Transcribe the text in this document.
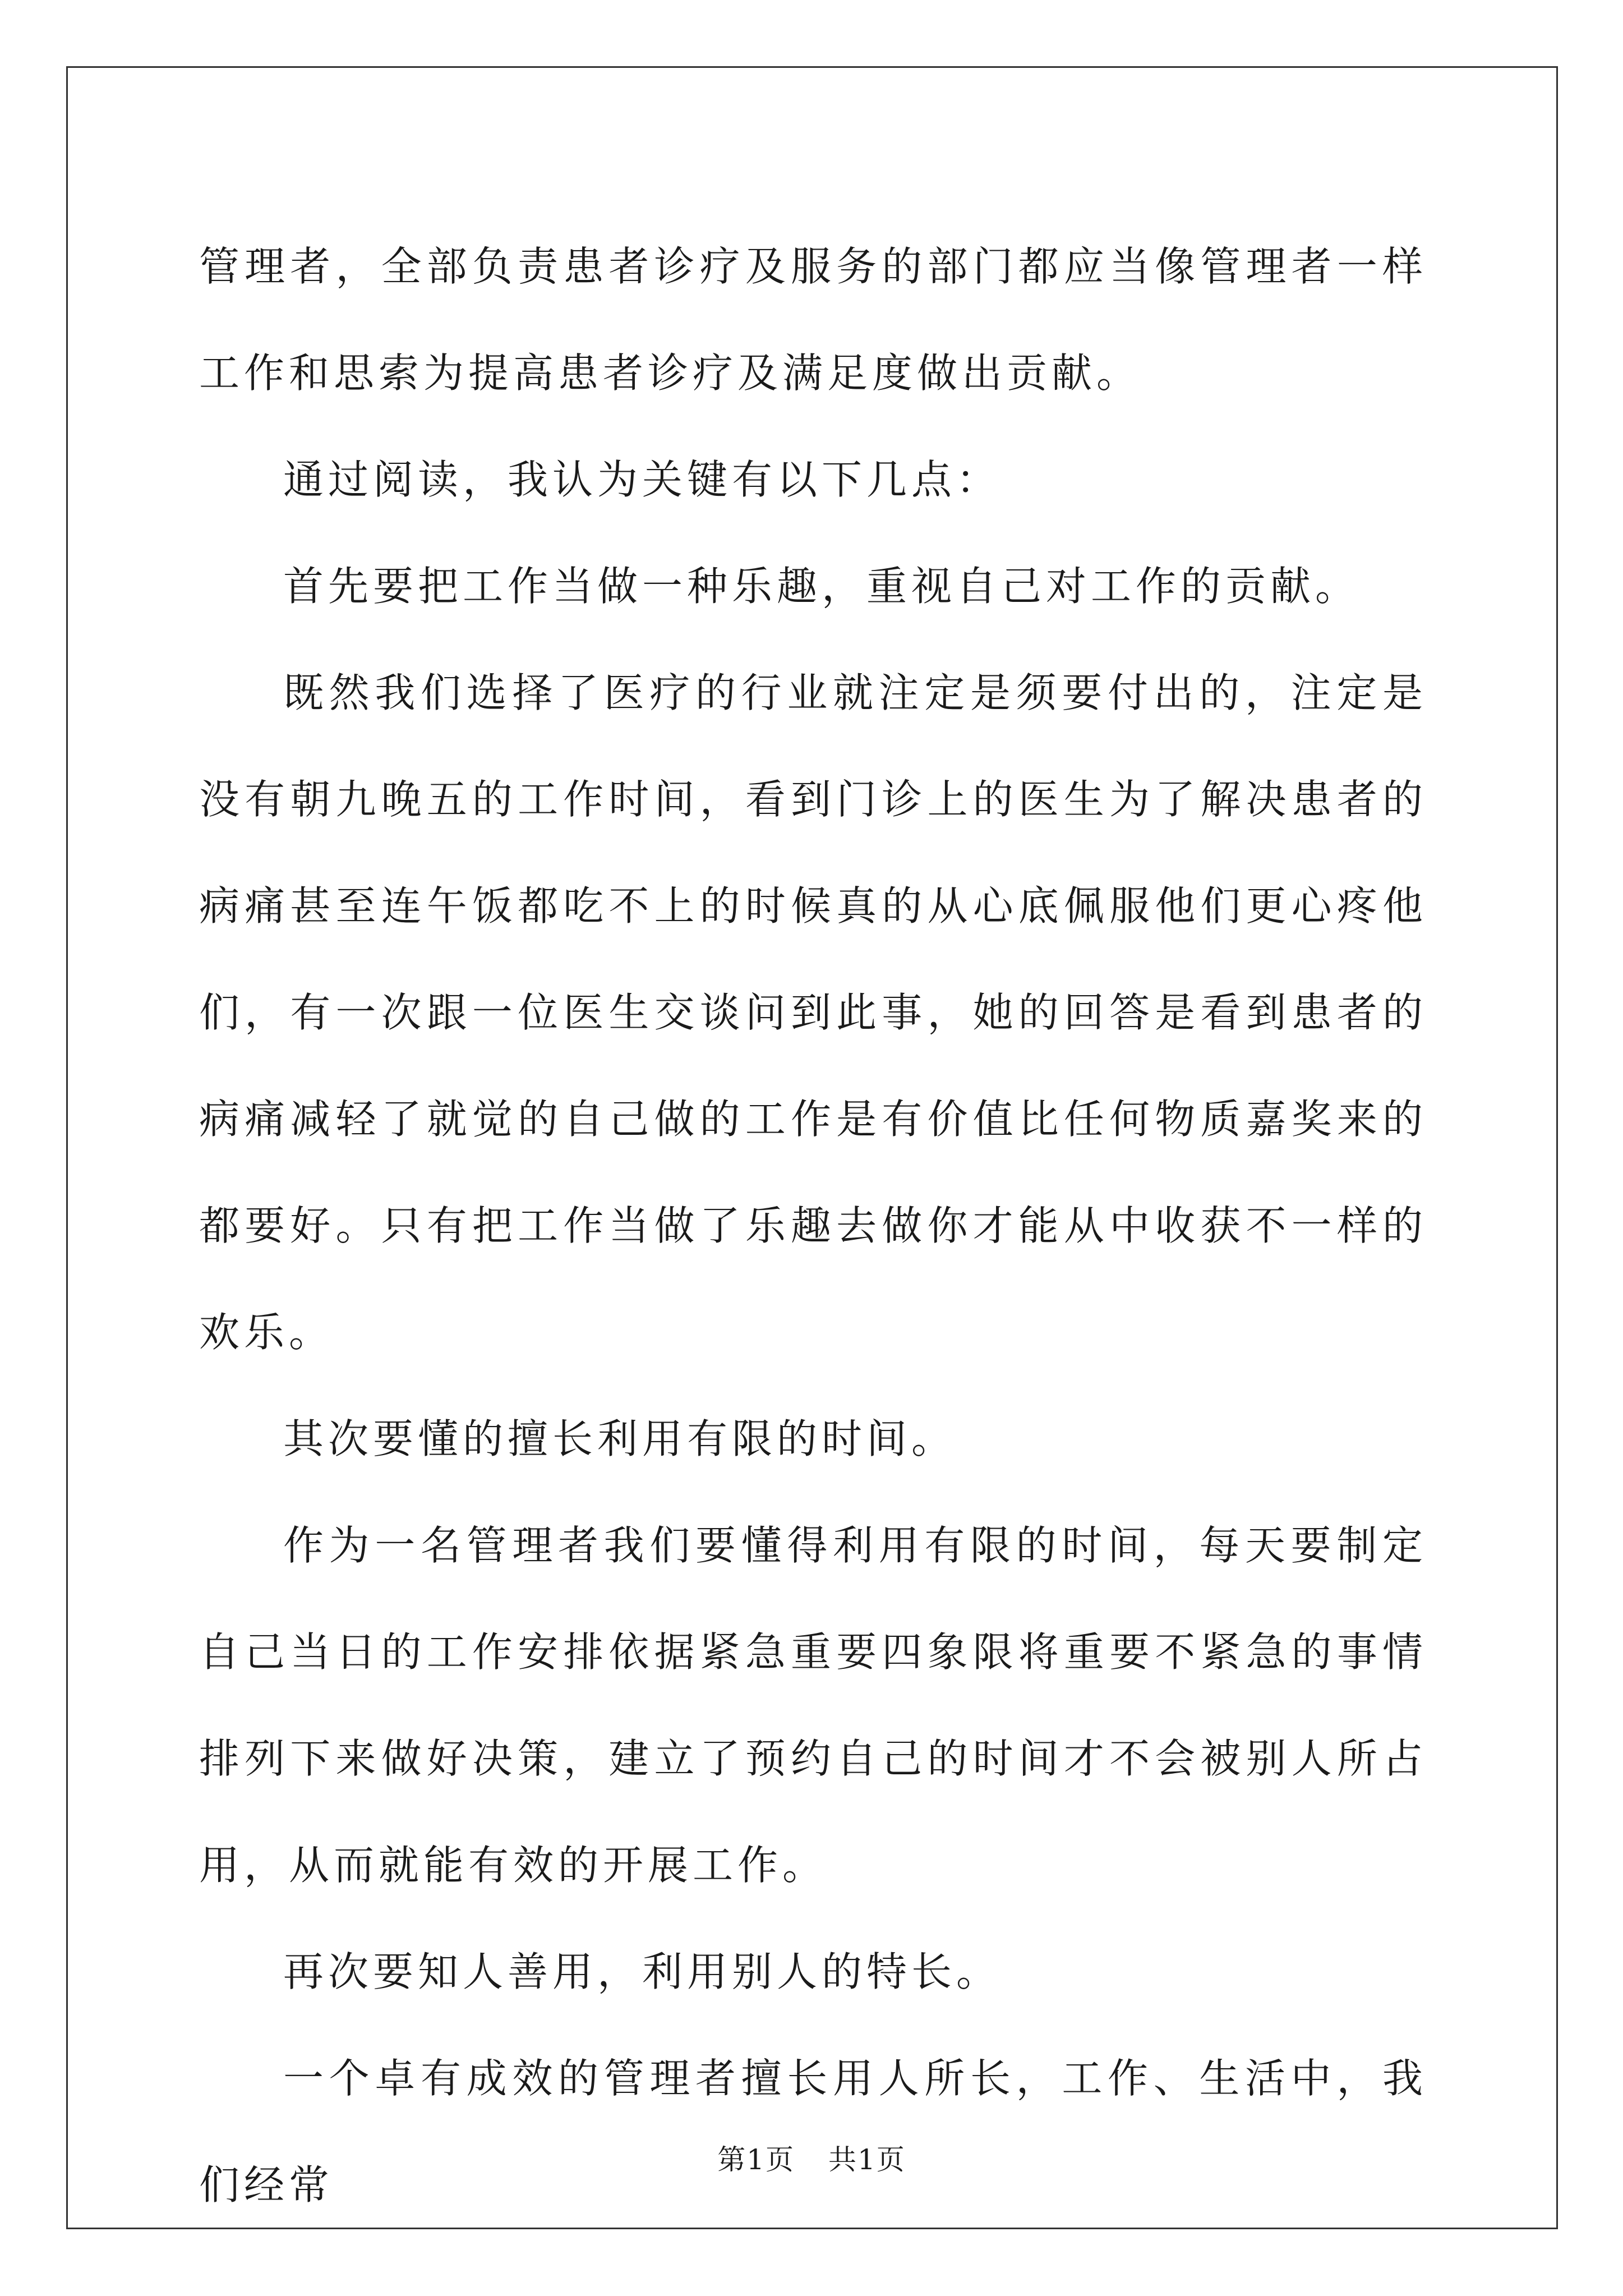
管理者，全部负责患者诊疗及服务的部门都应当像管理者一样工作和思索为提高患者诊疗及满足度做出贡献。

通过阅读，我认为关键有以下几点：

首先要把工作当做一种乐趣，重视自己对工作的贡献。

既然我们选择了医疗的行业就注定是须要付出的，注定是没有朝九晚五的工作时间，看到门诊上的医生为了解决患者的病痛甚至连午饭都吃不上的时候真的从心底佩服他们更心疼他们，有一次跟一位医生交谈问到此事，她的回答是看到患者的病痛减轻了就觉的自己做的工作是有价值比任何物质嘉奖来的都要好。只有把工作当做了乐趣去做你才能从中收获不一样的欢乐。

其次要懂的擅长利用有限的时间。

作为一名管理者我们要懂得利用有限的时间，每天要制定自己当日的工作安排依据紧急重要四象限将重要不紧急的事情排列下来做好决策，建立了预约自己的时间才不会被别人所占用，从而就能有效的开展工作。

再次要知人善用，利用别人的特长。

一个卓有成效的管理者擅长用人所长，工作、生活中，我们经常

第1页 共1页
